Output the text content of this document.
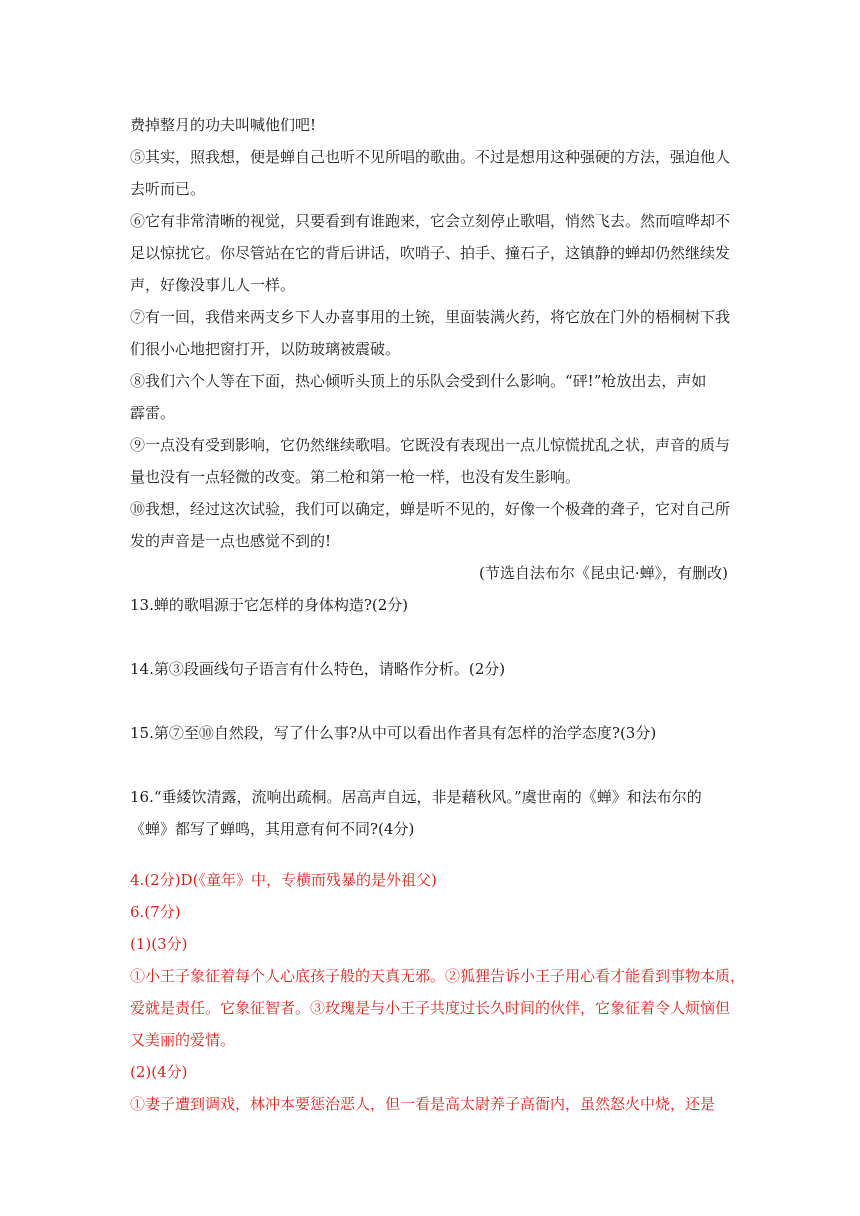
费掉整月的功夫叫喊他们吧!
⑤其实，照我想，便是蝉自己也听不见所唱的歌曲。不过是想用这种强硬的方法，强迫他人
去听而已。
⑥它有非常清晰的视觉，只要看到有谁跑来，它会立刻停止歌唱，悄然飞去。然而喧哗却不
足以惊扰它。你尽管站在它的背后讲话，吹哨子、拍手、撞石子，这镇静的蝉却仍然继续发
声，好像没事儿人一样。
⑦有一回，我借来两支乡下人办喜事用的土铳，里面装满火药，将它放在门外的梧桐树下我
们很小心地把窗打开，以防玻璃被震破。
⑧我们六个人等在下面，热心倾听头顶上的乐队会受到什么影响。“砰!”枪放出去，声如
霹雷。
⑨一点没有受到影响，它仍然继续歌唱。它既没有表现出一点儿惊慌扰乱之状，声音的质与
量也没有一点轻微的改变。第二枪和第一枪一样，也没有发生影响。
⑩我想，经过这次试验，我们可以确定，蝉是听不见的，好像一个极聋的聋子，它对自己所
发的声音是一点也感觉不到的!
(节选自法布尔《昆虫记·蝉》，有删改)
13.蝉的歌唱源于它怎样的身体构造?(2分)
14.第③段画线句子语言有什么特色，请略作分析。(2分)
15.第⑦至⑩自然段，写了什么事?从中可以看出作者具有怎样的治学态度?(3分)
16.“垂緌饮清露，流响出疏桐。居高声自远，非是藉秋风。”虞世南的《蝉》和法布尔的
《蝉》都写了蝉鸣，其用意有何不同?(4分)
4.(2分)D(《童年》中，专横而残暴的是外祖父)
6.(7分)
(1)(3分)
①小王子象征着每个人心底孩子般的天真无邪。②狐狸告诉小王子用心看才能看到事物本质，
爱就是责任。它象征智者。③玫瑰是与小王子共度过长久时间的伙伴，它象征着令人烦恼但
又美丽的爱情。
(2)(4分)
①妻子遭到调戏，林冲本要惩治恶人，但一看是高太尉养子高衙内，虽然怒火中烧，还是
